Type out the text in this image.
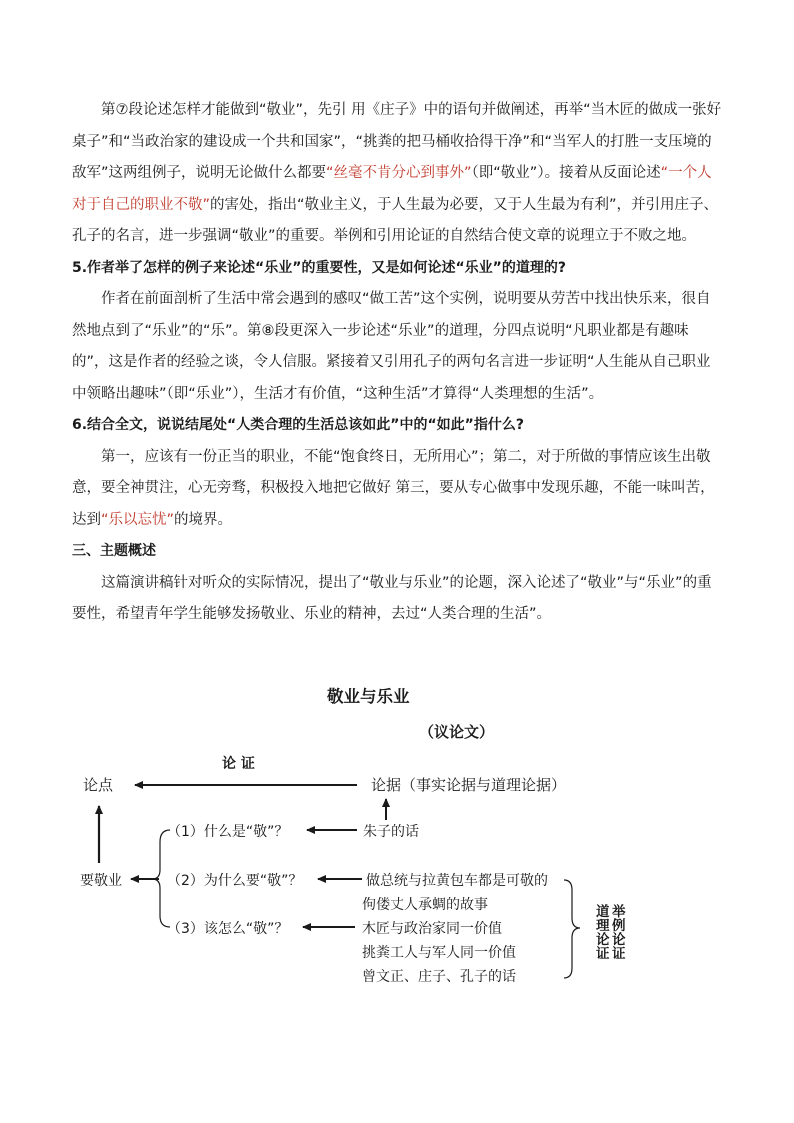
第⑦段论述怎样才能做到“敬业”，先引 用《庄子》中的语句并做阐述，再举“当木匠的做成一张好桌子”和“当政治家的建设成一个共和国家”，“挑粪的把马桶收拾得干净”和“当军人的打胜一支压境的敌军”这两组例子，说明无论做什么都要“丝毫不肯分心到事外”（即“敬业”）。接着从反面论述“一个人对于自己的职业不敬”的害处，指出“敬业主义，于人生最为必要，又于人生最为有利”，并引用庄子、孔子的名言，进一步强调“敬业”的重要。举例和引用论证的自然结合使文章的说理立于不败之地。

5.作者举了怎样的例子来论述“乐业”的重要性，又是如何论述“乐业”的道理的?

作者在前面剖析了生活中常会遇到的感叹“做工苦”这个实例，说明要从劳苦中找出快乐来，很自然地点到了“乐业”的“乐”。第⑧段更深入一步论述“乐业”的道理，分四点说明“凡职业都是有趣味的”，这是作者的经验之谈，令人信服。紧接着又引用孔子的两句名言进一步证明“人生能从自己职业中领略出趣味”（即“乐业”），生活才有价值，“这种生活”才算得“人类理想的生活”。

6.结合全文，说说结尾处“人类合理的生活总该如此”中的“如此”指什么?

第一，应该有一份正当的职业，不能“饱食终日，无所用心”；第二，对于所做的事情应该生出敬意，要全神贯注，心无旁骛，积极投入地把它做好 第三，要从专心做事中发现乐趣，不能一味叫苦，达到“乐以忘忧”的境界。

三、主题概述

这篇演讲稿针对听众的实际情况，提出了“敬业与乐业”的论题，深入论述了“敬业”与“乐业”的重要性，希望青年学生能够发扬敬业、乐业的精神，去过“人类合理的生活”。

敬业与乐业
（议论文）
论 证
论点	论据（事实论据与道理论据）
要敬业
（1）什么是“敬”？
（2）为什么要“敬”？
（3）该怎么“敬”？
朱子的话
做总统与拉黄包车都是可敬的
佝偻丈人承蜩的故事
木匠与政治家同一价值
挑粪工人与军人同一价值
曾文正、庄子、孔子的话
举例论证
道理论证
